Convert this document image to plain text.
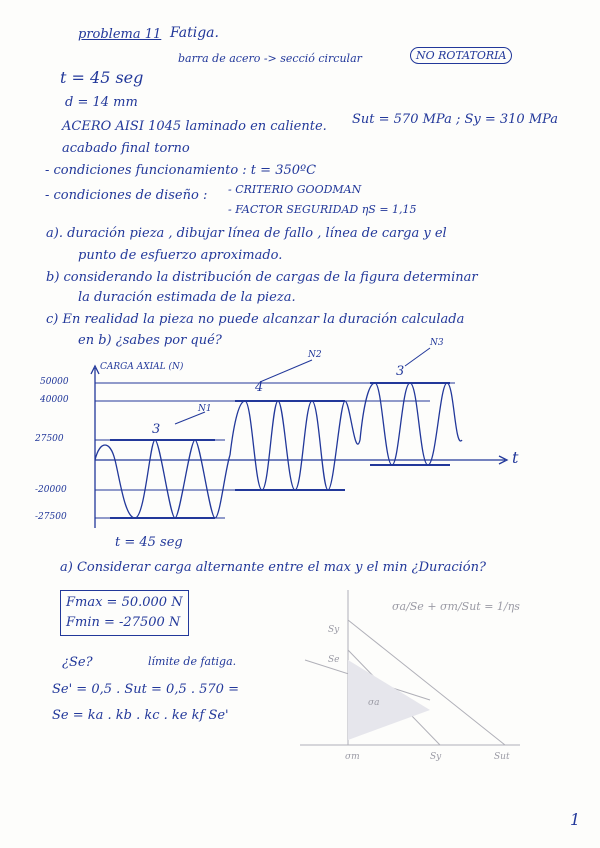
problema 11 Fatiga.
barra de acero -> secció circular	NO ROTATORIA
t = 45 seg
d = 14 mm
ACERO AISI 1045 laminado en caliente. Sut = 570 MPa ; Sy = 310 MPa
acabado final torno
- condiciones funcionamiento : t = 350ºC
- condiciones de diseño : - CRITERIO GOODMAN
- FACTOR SEGURIDAD ηS = 1,15
a). duración pieza , dibujar línea de fallo , línea de carga y el
punto de esfuerzo aproximado.
b) considerando la distribución de cargas de la figura determinar
la duración estimada de la pieza.
c) En realidad la pieza no puede alcanzar la duración calculada
en b) ¿sabes por qué?
CARGA AXIAL (N)
t
50000
40000
27500
-20000
-27500
3
4
3
N1
N2
N3
t = 45 seg
a) Considerar carga alternante entre el max y el min ¿Duración?
Fmax = 50.000 N
Fmin = -27500 N
¿Se?	límite de fatiga.
Se' = 0,5 . Sut = 0,5 . 570 =
Se = ka . kb . kc . ke kf Se'
σa/Se + σm/Sut = 1/ηs
Sy
Se
σa
σm	Sy	Sut
1
